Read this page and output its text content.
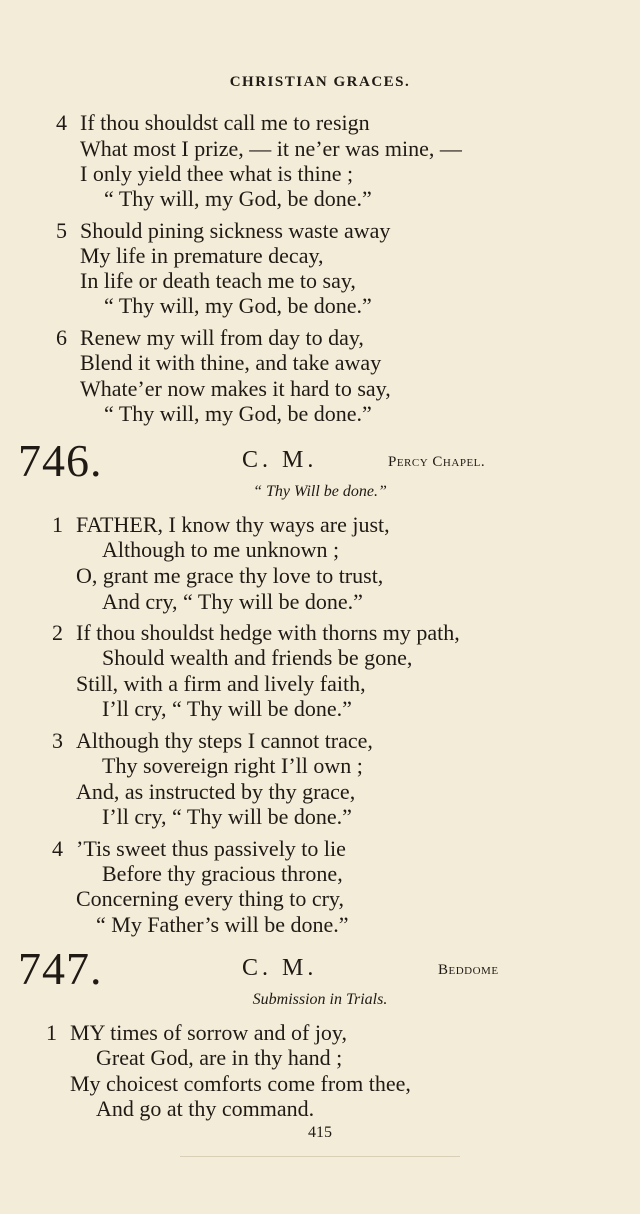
CHRISTIAN GRACES.
4 If thou shouldst call me to resign
What most I prize, — it ne’er was mine, —
I only yield thee what is thine ;
“ Thy will, my God, be done.”
5 Should pining sickness waste away
My life in premature decay,
In life or death teach me to say,
“ Thy will, my God, be done.”
6 Renew my will from day to day,
Blend it with thine, and take away
Whate’er now makes it hard to say,
“ Thy will, my God, be done.”
746.	C. M.	Percy Chapel.
“ Thy Will be done.”
1 FATHER, I know thy ways are just,
Although to me unknown ;
O, grant me grace thy love to trust,
And cry, “ Thy will be done.”
2 If thou shouldst hedge with thorns my path,
Should wealth and friends be gone,
Still, with a firm and lively faith,
I’ll cry, “ Thy will be done.”
3 Although thy steps I cannot trace,
Thy sovereign right I’ll own ;
And, as instructed by thy grace,
I’ll cry, “ Thy will be done.”
4 ’Tis sweet thus passively to lie
Before thy gracious throne,
Concerning every thing to cry,
“ My Father’s will be done.”
747.	C. M.	Beddome
Submission in Trials.
1 MY times of sorrow and of joy,
Great God, are in thy hand ;
My choicest comforts come from thee,
And go at thy command.
415
